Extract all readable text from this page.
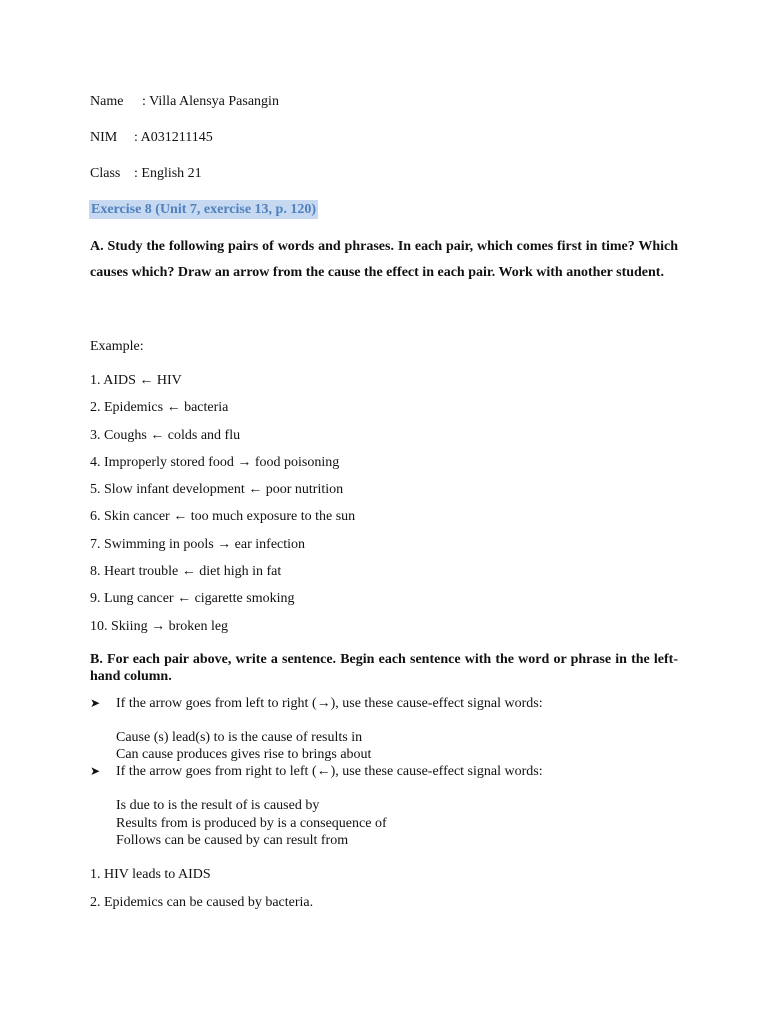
Name : Villa Alensya Pasangin
NIM : A031211145
Class : English 21
Exercise 8 (Unit 7, exercise 13, p. 120)
A. Study the following pairs of words and phrases. In each pair, which comes first in time? Which causes which? Draw an arrow from the cause the effect in each pair. Work with another student.
Example:
1. AIDS ← HIV
2. Epidemics ← bacteria
3. Coughs ← colds and flu
4. Improperly stored food → food poisoning
5. Slow infant development ← poor nutrition
6. Skin cancer ← too much exposure to the sun
7. Swimming in pools → ear infection
8. Heart trouble ← diet high in fat
9. Lung cancer ← cigarette smoking
10. Skiing → broken leg
B. For each pair above, write a sentence. Begin each sentence with the word or phrase in the left-hand column.
➤ If the arrow goes from left to right (→), use these cause-effect signal words:
Cause (s) lead(s) to is the cause of results in
Can cause produces gives rise to brings about
➤ If the arrow goes from right to left (←), use these cause-effect signal words:
Is due to is the result of is caused by
Results from is produced by is a consequence of
Follows can be caused by can result from
1. HIV leads to AIDS
2. Epidemics can be caused by bacteria.
